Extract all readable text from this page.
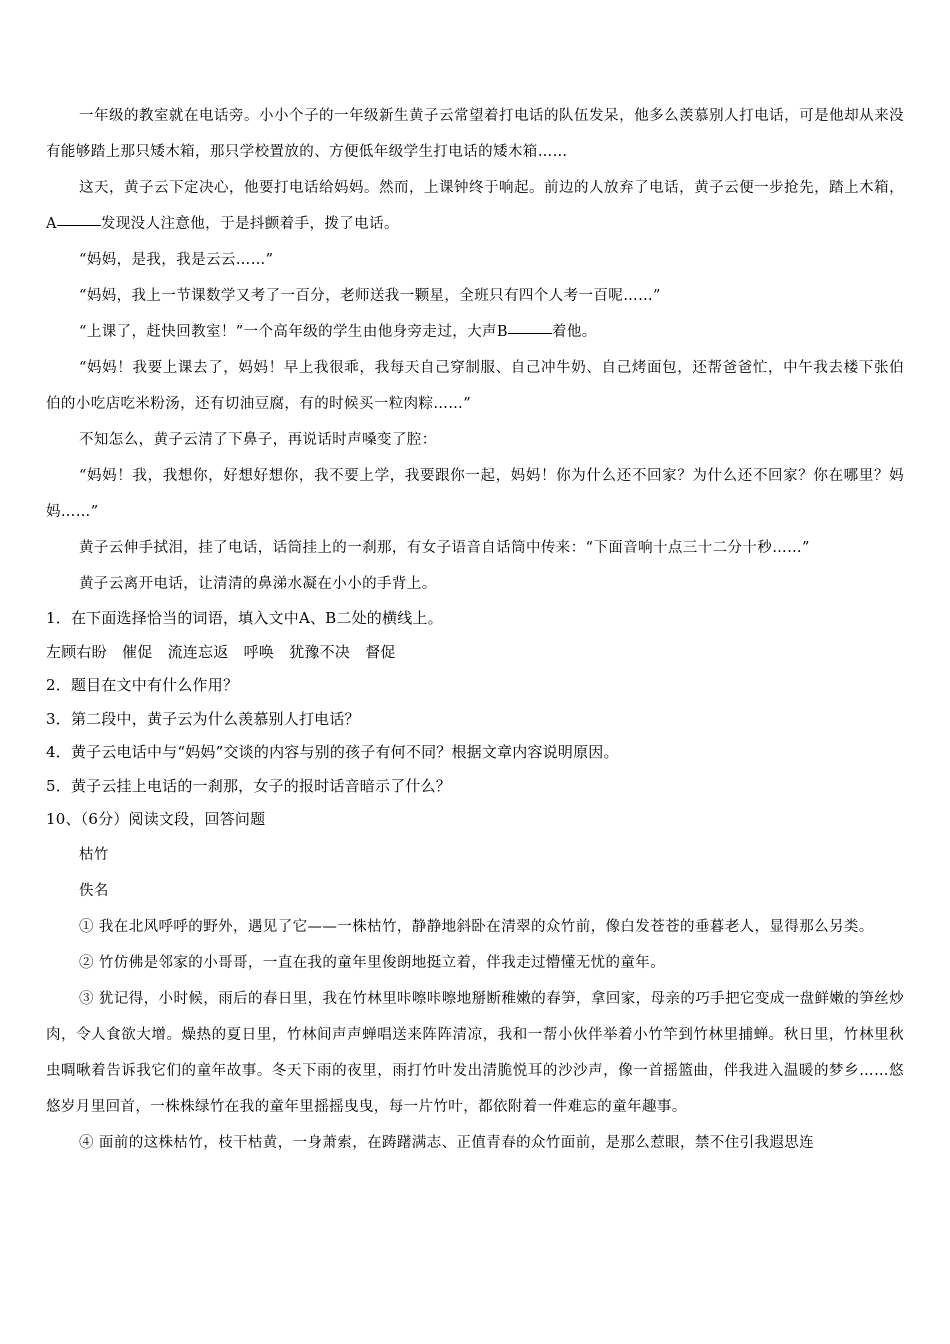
一年级的教室就在电话旁。小小个子的一年级新生黄子云常望着打电话的队伍发呆，他多么羡慕别人打电话，可是他却从来没有能够踏上那只矮木箱，那只学校置放的、方便低年级学生打电话的矮木箱……

这天，黄子云下定决心，他要打电话给妈妈。然而，上课钟终于响起。前边的人放弃了电话，黄子云便一步抢先，踏上木箱，A	发现没人注意他，于是抖颤着手，拨了电话。

“妈妈，是我，我是云云……”

“妈妈，我上一节课数学又考了一百分，老师送我一颗星，全班只有四个人考一百呢……”

“上课了，赶快回教室！”一个高年级的学生由他身旁走过，大声B	着他。

“妈妈！我要上课去了，妈妈！早上我很乖，我每天自己穿制服、自己冲牛奶、自己烤面包，还帮爸爸忙，中午我去楼下张伯伯的小吃店吃米粉汤，还有切油豆腐，有的时候买一粒肉粽……”

不知怎么，黄子云清了下鼻子，再说话时声嗓变了腔：

“妈妈！我，我想你，好想好想你，我不要上学，我要跟你一起，妈妈！你为什么还不回家？为什么还不回家？你在哪里？妈妈……”

黄子云伸手拭泪，挂了电话，话筒挂上的一刹那，有女子语音自话筒中传来：“下面音响十点三十二分十秒……”

黄子云离开电话，让清清的鼻涕水凝在小小的手背上。

1．在下面选择恰当的词语，填入文中A、B二处的横线上。

左顾右盼　催促　流连忘返　呼唤　犹豫不决　督促

2．题目在文中有什么作用？

3．第二段中，黄子云为什么羡慕别人打电话？

4．黄子云电话中与“妈妈”交谈的内容与别的孩子有何不同？根据文章内容说明原因。

5．黄子云挂上电话的一刹那，女子的报时话音暗示了什么？

10、（6分）阅读文段，回答问题

枯竹

佚名

① 我在北风呼呼的野外，遇见了它——一株枯竹，静静地斜卧在清翠的众竹前，像白发苍苍的垂暮老人，显得那么另类。

② 竹仿佛是邻家的小哥哥，一直在我的童年里俊朗地挺立着，伴我走过懵懂无忧的童年。

③ 犹记得，小时候，雨后的春日里，我在竹林里咔嚓咔嚓地掰断稚嫩的春笋，拿回家，母亲的巧手把它变成一盘鲜嫩的笋丝炒肉，令人食欲大增。燥热的夏日里，竹林间声声蝉唱送来阵阵清凉，我和一帮小伙伴举着小竹竿到竹林里捕蝉。秋日里，竹林里秋虫啁啾着告诉我它们的童年故事。冬天下雨的夜里，雨打竹叶发出清脆悦耳的沙沙声，像一首摇篮曲，伴我进入温暖的梦乡……悠悠岁月里回首，一株株绿竹在我的童年里摇摇曳曳，每一片竹叶，都依附着一件难忘的童年趣事。

④ 面前的这株枯竹，枝干枯黄，一身萧索，在踌躇满志、正值青春的众竹面前，是那么惹眼，禁不住引我遐思连
